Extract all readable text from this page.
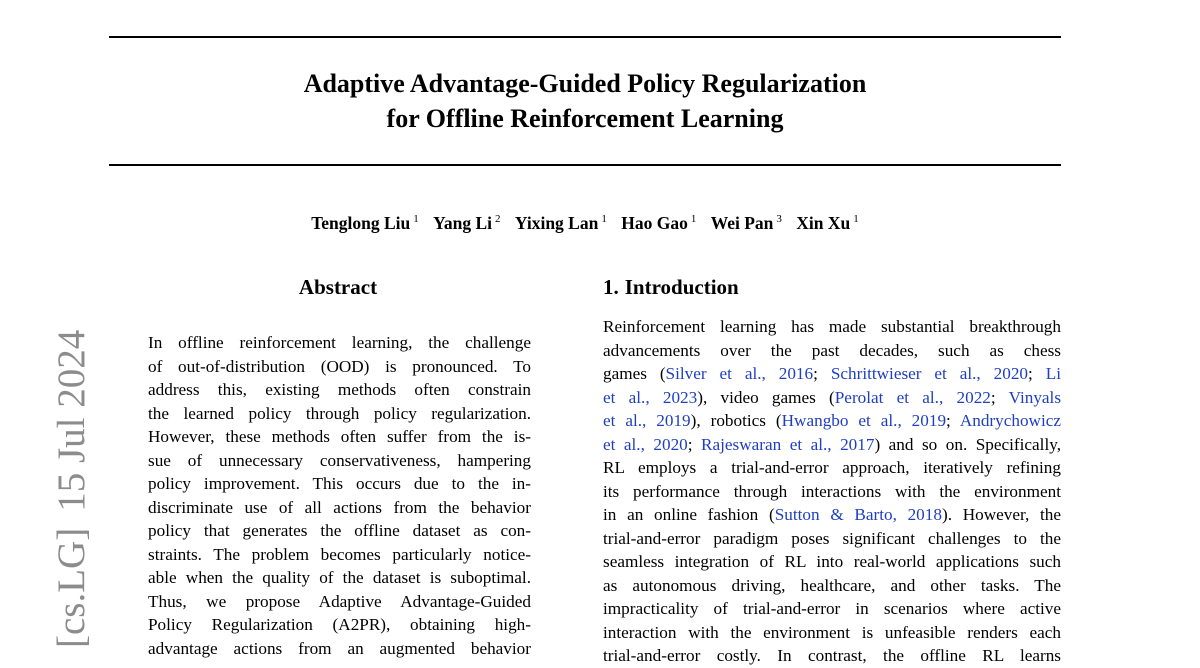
Adaptive Advantage-Guided Policy Regularization
for Offline Reinforcement Learning
Tenglong Liu $^1$ Yang Li $^2$ Yixing Lan $^1$ Hao Gao $^1$ Wei Pan $^3$ Xin Xu $^1$
[cs.LG]15 Jul 2024
Abstract
In offline reinforcement learning, the challenge
of out-of-distribution (OOD) is pronounced. To
address this, existing methods often constrain
the learned policy through policy regularization.
However, these methods often suffer from the is-
sue of unnecessary conservativeness, hampering
policy improvement. This occurs due to the in-
discriminate use of all actions from the behavior
policy that generates the offline dataset as con-
straints. The problem becomes particularly notice-
able when the quality of the dataset is suboptimal.
Thus, we propose Adaptive Advantage-Guided
Policy Regularization (A2PR), obtaining high-
advantage actions from an augmented behavior
1. Introduction
Reinforcement learning has made substantial breakthrough
advancements over the past decades, such as chess
games (Silver et al., 2016; Schrittwieser et al., 2020; Li
et al., 2023), video games (Perolat et al., 2022; Vinyals
et al., 2019), robotics (Hwangbo et al., 2019; Andrychowicz
et al., 2020; Rajeswaran et al., 2017) and so on. Specifically,
RL employs a trial-and-error approach, iteratively refining
its performance through interactions with the environment
in an online fashion (Sutton & Barto, 2018). However, the
trial-and-error paradigm poses significant challenges to the
seamless integration of RL into real-world applications such
as autonomous driving, healthcare, and other tasks. The
impracticality of trial-and-error in scenarios where active
interaction with the environment is unfeasible renders each
trial-and-error costly. In contrast, the offline RL learns
